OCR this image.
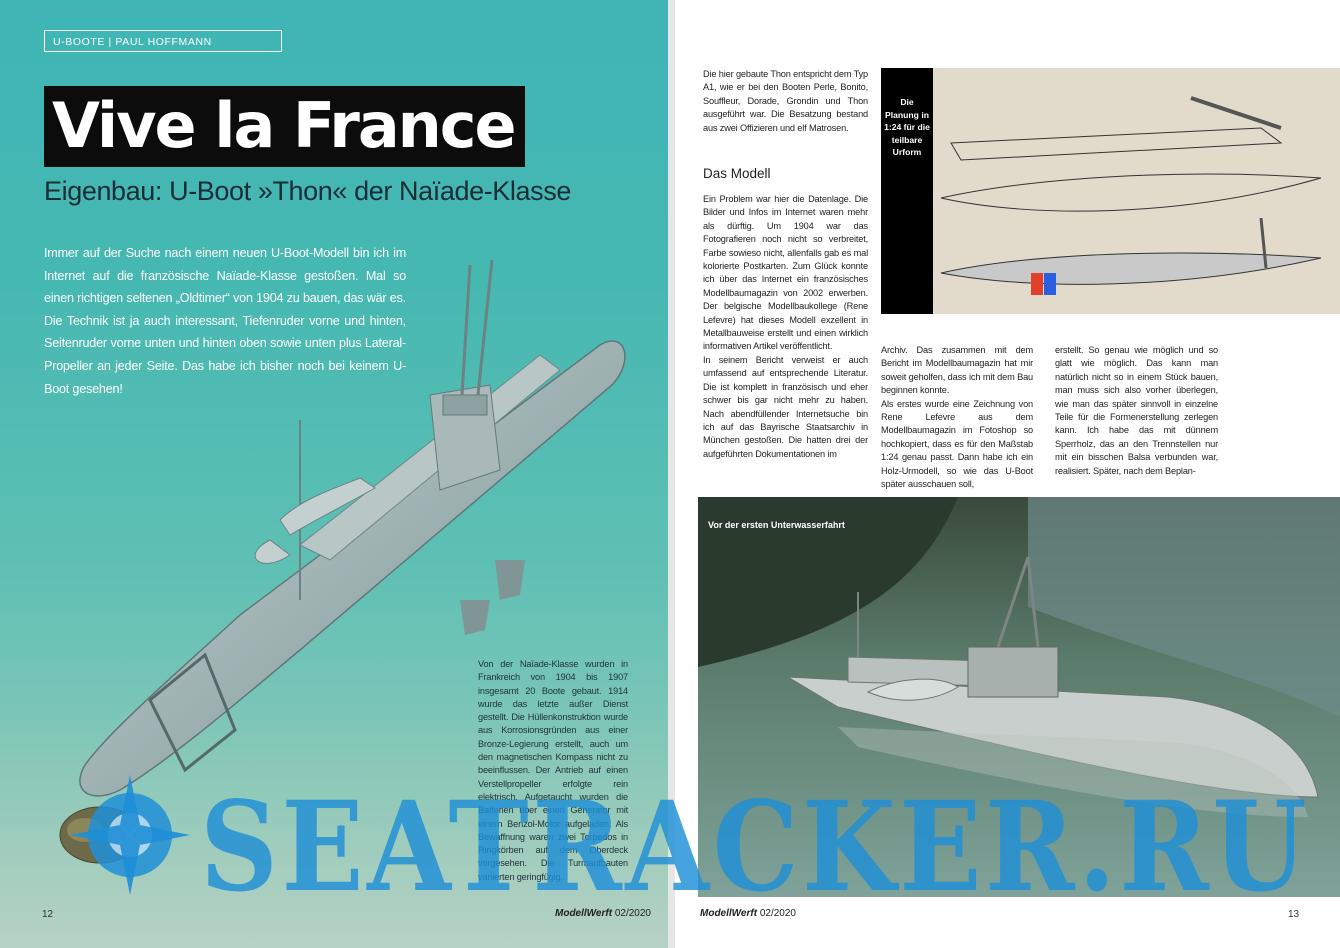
U-BOOTE | PAUL HOFFMANN
Vive la France
Eigenbau: U-Boot »Thon« der Naïade-Klasse
Immer auf der Suche nach einem neuen U-Boot-Modell bin ich im Internet auf die französische Naïade-Klasse gestoßen. Mal so einen richtigen seltenen „Oldtimer“ von 1904 zu bauen, das wär es. Die Technik ist ja auch interessant, Tiefenruder vorne und hinten, Seitenruder vorne unten und hinten oben sowie unten plus Lateral-Propeller an jeder Seite. Das habe ich bisher noch bei keinem U-Boot gesehen!
Von der Naïade-Klasse wurden in Frankreich von 1904 bis 1907 insgesamt 20 Boote gebaut. 1914 wurde das letzte außer Dienst gestellt. Die Hüllenkonstruktion wurde aus Korrosionsgründen aus einer Bronze-Legierung erstellt, auch um den magnetischen Kompass nicht zu beeinflussen. Der Antrieb auf einen Verstellpropeller erfolgte rein elektrisch. Aufgetaucht wurden die Batterien über einen Generator mit einem Benzol-Motor aufgeladen. Als Bewaffnung waren zwei Torpedos in Ringkörben auf dem Oberdeck vorgesehen. Die Turmaufbauten variierten geringfügig.
12	ModellWerft 02/2020
Die hier gebaute Thon entspricht dem Typ A1, wie er bei den Booten Perle, Bonito, Souffleur, Dorade, Grondin und Thon ausgeführt war. Die Besatzung bestand aus zwei Offizieren und elf Matrosen.
Das Modell

Ein Problem war hier die Datenlage. Die Bilder und Infos im Internet waren mehr als dürftig. Um 1904 war das Fotografieren noch nicht so verbreitet, Farbe sowieso nicht, allenfalls gab es mal kolorierte Postkarten. Zum Glück konnte ich über das Internet ein französisches Modellbaumagazin von 2002 erwerben. Der belgische Modellbaukollege (Rene Lefevre) hat dieses Modell exzellent in Metallbauweise erstellt und einen wirklich informativen Artikel veröffentlicht.

In seinem Bericht verweist er auch umfassend auf entsprechende Literatur. Die ist komplett in französisch und eher schwer bis gar nicht mehr zu haben. Nach abendfüllender Internetsuche bin ich auf das Bayrische Staatsarchiv in München gestoßen. Die hatten drei der aufgeführten Dokumentationen im

Die Planung in 1:24 für die teilbare Urform

Archiv. Das zusammen mit dem Bericht im Modellbaumagazin hat mir soweit geholfen, dass ich mit dem Bau beginnen konnte.

Als erstes wurde eine Zeichnung von Rene Lefevre aus dem Modellbaumagazin im Fotoshop so hochkopiert, dass es für den Maßstab 1:24 genau passt. Dann habe ich ein Holz-Urmodell, so wie das U-Boot später ausschauen soll,

erstellt. So genau wie möglich und so glatt wie möglich. Das kann man natürlich nicht so in einem Stück bauen, man muss sich also vorher überlegen, wie man das später sinnvoll in einzelne Teile für die Formenerstellung zerlegen kann. Ich habe das mit dünnem Sperrholz, das an den Trennstellen nur mit ein bisschen Balsa verbunden war, realisiert. Später, nach dem Beplan-

Vor der ersten Unterwasserfahrt
ModellWerft 02/2020	13
SEATRACKER.RU
